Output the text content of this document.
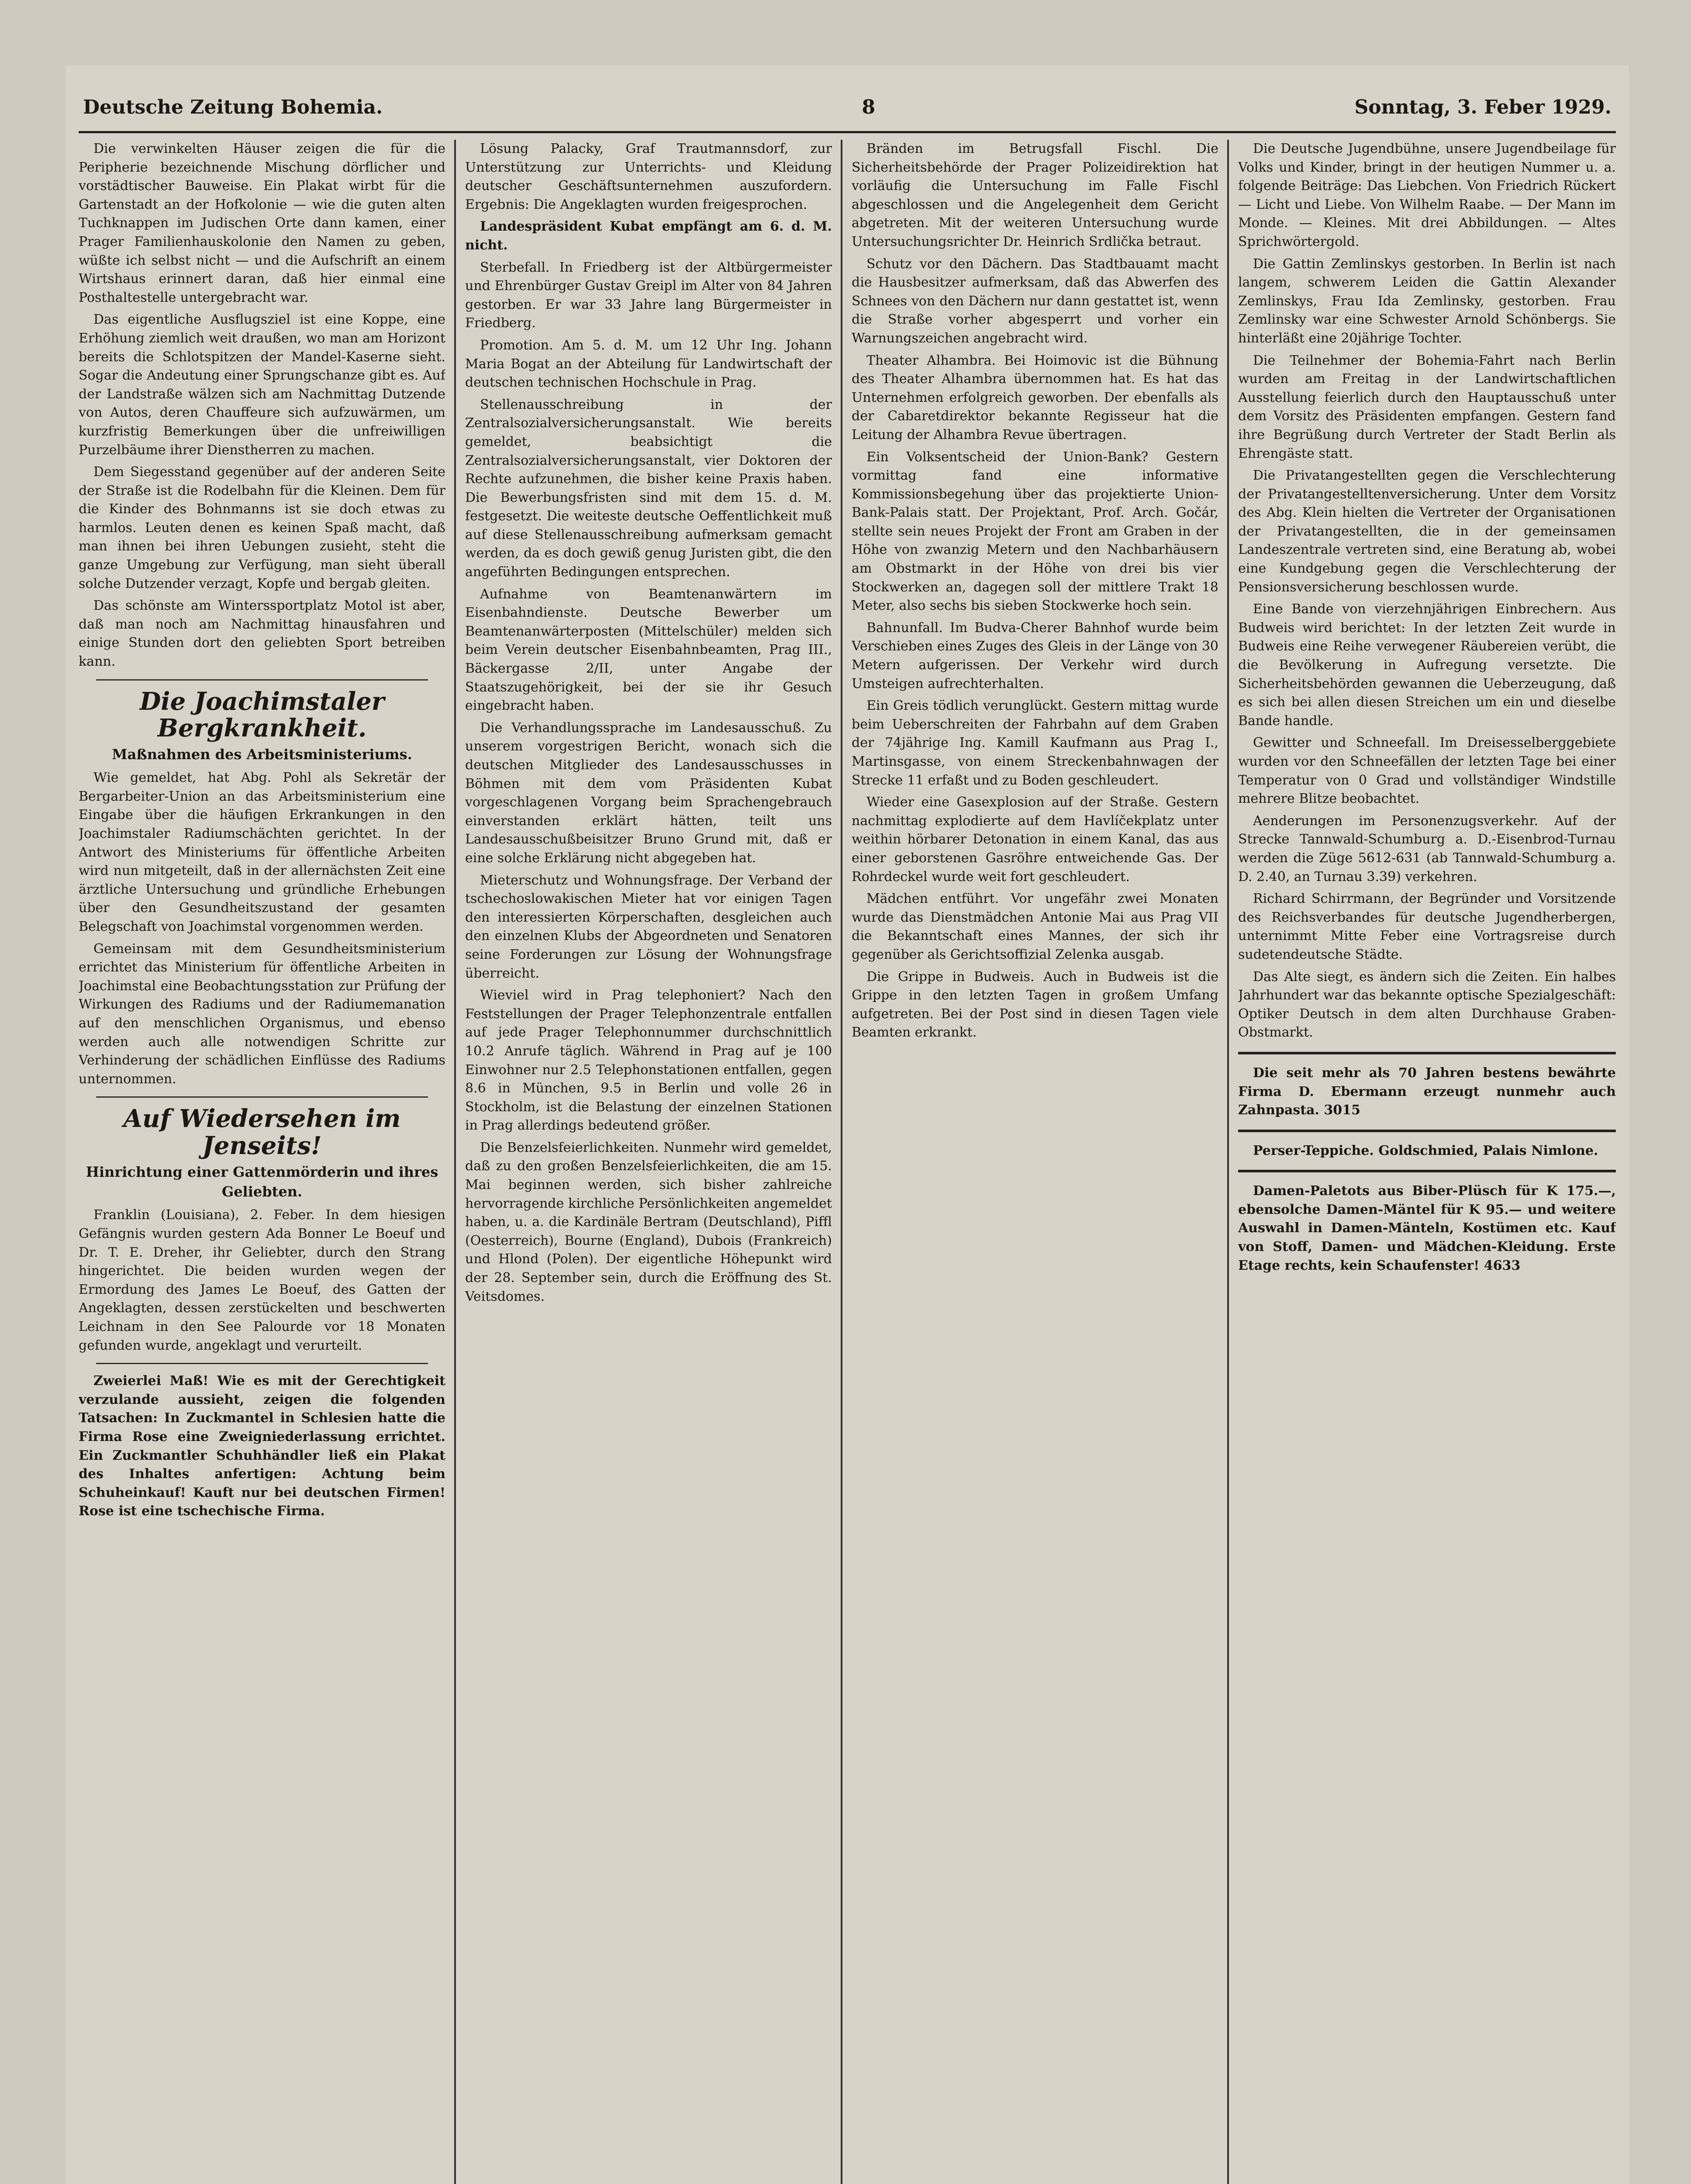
Deutsche Zeitung Bohemia.	8	Sonntag, 3. Feber 1929.

Die verwinkelten Häuser zeigen die für die Peripherie bezeichnende Mischung dörflicher und vorstädtischer Bauweise. Ein Plakat wirbt für die Gartenstadt an der Hofkolonie — wie die guten alten Tuchknappen im Judischen Orte dann kamen, einer Prager Familienhauskolonie den Namen zu geben, wüßte ich selbst nicht — und die Aufschrift an einem Wirtshaus erinnert daran, daß hier einmal eine Posthaltestelle untergebracht war.

Das eigentliche Ausflugsziel ist eine Koppe, eine Erhöhung ziemlich weit draußen, wo man am Horizont bereits die Schlotspitzen der Mandel-Kaserne sieht. Sogar die Andeutung einer Sprungschanze gibt es. Auf der Landstraße wälzen sich am Nachmittag Dutzende von Autos, deren Chauffeure sich aufzuwärmen, um kurzfristig Bemerkungen über die unfreiwilligen Purzelbäume ihrer Dienstherren zu machen.

Dem Siegesstand gegenüber auf der anderen Seite der Straße ist die Rodelbahn für die Kleinen. Dem für die Kinder des Bohnmanns ist sie doch etwas zu harmlos. Leuten denen es keinen Spaß macht, daß man ihnen bei ihren Uebungen zusieht, steht die ganze Umgebung zur Verfügung, man sieht überall solche Dutzender verzagt, Kopfe und bergab gleiten.

Das schönste am Winterssportplatz Motol ist aber, daß man noch am Nachmittag hinausfahren und einige Stunden dort den geliebten Sport betreiben kann.

Die Joachimstaler Bergkrankheit.
Maßnahmen des Arbeitsministeriums.

Wie gemeldet, hat Abg. Pohl als Sekretär der Bergarbeiter-Union an das Arbeitsministerium eine Eingabe über die häufigen Erkrankungen in den Joachimstaler Radiumschächten gerichtet. In der Antwort des Ministeriums für öffentliche Arbeiten wird nun mitgeteilt, daß in der allernächsten Zeit eine ärztliche Untersuchung und gründliche Erhebungen über den Gesundheitszustand der gesamten Belegschaft von Joachimstal vorgenommen werden.

Gemeinsam mit dem Gesundheitsministerium errichtet das Ministerium für öffentliche Arbeiten in Joachimstal eine Beobachtungsstation zur Prüfung der Wirkungen des Radiums und der Radiumemanation auf den menschlichen Organismus, und ebenso werden auch alle notwendigen Schritte zur Verhinderung der schädlichen Einflüsse des Radiums unternommen.

Auf Wiedersehen im Jenseits!
Hinrichtung einer Gattenmörderin und ihres Geliebten.

Franklin (Louisiana), 2. Feber. In dem hiesigen Gefängnis wurden gestern Ada Bonner Le Boeuf und Dr. T. E. Dreher, ihr Geliebter, durch den Strang hingerichtet. Die beiden wurden wegen der Ermordung des James Le Boeuf, des Gatten der Angeklagten, dessen zerstückelten und beschwerten Leichnam in den See Palourde vor 18 Monaten gefunden wurde, angeklagt und verurteilt.

Zweierlei Maß! Wie es mit der Gerechtigkeit verzulande aussieht, zeigen die folgenden Tatsachen: In Zuckmantel in Schlesien hatte die Firma Rose eine Zweigniederlassung errichtet. Ein Zuckmantler Schuhhändler ließ ein Plakat des Inhaltes anfertigen: Achtung beim Schuheinkauf! Kauft nur bei deutschen Firmen! Rose ist eine tschechische Firma.

Lösung Palacky, Graf Trautmannsdorf, zur Unterstützung zur Unterrichts- und Kleidung deutscher Geschäftsunternehmen auszufordern. Ergebnis: Die Angeklagten wurden freigesprochen.

Landespräsident Kubat empfängt am 6. d. M. nicht.

Sterbefall. In Friedberg ist der Altbürgermeister und Ehrenbürger Gustav Greipl im Alter von 84 Jahren gestorben. Er war 33 Jahre lang Bürgermeister in Friedberg.

Promotion. Am 5. d. M. um 12 Uhr Ing. Johann Maria Bogat an der Abteilung für Landwirtschaft der deutschen technischen Hochschule in Prag.

Stellenausschreibung in der Zentralsozialversicherungsanstalt. Wie bereits gemeldet, beabsichtigt die Zentralsozialversicherungsanstalt, vier Doktoren der Rechte aufzunehmen, die bisher keine Praxis haben. Die Bewerbungsfristen sind mit dem 15. d. M. festgesetzt. Die weiteste deutsche Oeffentlichkeit muß auf diese Stellenausschreibung aufmerksam gemacht werden, da es doch gewiß genug Juristen gibt, die den angeführten Bedingungen entsprechen.

Aufnahme von Beamtenanwärtern im Eisenbahndienste. Deutsche Bewerber um Beamtenanwärterposten (Mittelschüler) melden sich beim Verein deutscher Eisenbahnbeamten, Prag III., Bäckergasse 2/II, unter Angabe der Staatszugehörigkeit, bei der sie ihr Gesuch eingebracht haben.

Die Verhandlungssprache im Landesausschuß. Zu unserem vorgestrigen Bericht, wonach sich die deutschen Mitglieder des Landesausschusses in Böhmen mit dem vom Präsidenten Kubat vorgeschlagenen Vorgang beim Sprachengebrauch einverstanden erklärt hätten, teilt uns Landesausschußbeisitzer Bruno Grund mit, daß er eine solche Erklärung nicht abgegeben hat.

Mieterschutz und Wohnungsfrage. Der Verband der tschechoslowakischen Mieter hat vor einigen Tagen den interessierten Körperschaften, desgleichen auch den einzelnen Klubs der Abgeordneten und Senatoren seine Forderungen zur Lösung der Wohnungsfrage überreicht.

Wieviel wird in Prag telephoniert? Nach den Feststellungen der Prager Telephonzentrale entfallen auf jede Prager Telephonnummer durchschnittlich 10.2 Anrufe täglich. Während in Prag auf je 100 Einwohner nur 2.5 Telephonstationen entfallen, gegen 8.6 in München, 9.5 in Berlin und volle 26 in Stockholm, ist die Belastung der einzelnen Stationen in Prag allerdings bedeutend größer.

Die Benzelsfeierlichkeiten. Nunmehr wird gemeldet, daß zu den großen Benzelsfeierlichkeiten, die am 15. Mai beginnen werden, sich bisher zahlreiche hervorragende kirchliche Persönlichkeiten angemeldet haben, u. a. die Kardinäle Bertram (Deutschland), Piffl (Oesterreich), Bourne (England), Dubois (Frankreich) und Hlond (Polen). Der eigentliche Höhepunkt wird der 28. September sein, durch die Eröffnung des St. Veitsdomes.

Bränden im Betrugsfall Fischl. Die Sicherheitsbehörde der Prager Polizeidirektion hat vorläufig die Untersuchung im Falle Fischl abgeschlossen und die Angelegenheit dem Gericht abgetreten. Mit der weiteren Untersuchung wurde Untersuchungsrichter Dr. Heinrich Srdlička betraut.

Schutz vor den Dächern. Das Stadtbauamt macht die Hausbesitzer aufmerksam, daß das Abwerfen des Schnees von den Dächern nur dann gestattet ist, wenn die Straße vorher abgesperrt und vorher ein Warnungszeichen angebracht wird.

Theater Alhambra. Bei Hoimovic ist die Bühnung des Theater Alhambra übernommen hat. Es hat das Unternehmen erfolgreich geworben. Der ebenfalls als der Cabaretdirektor bekannte Regisseur hat die Leitung der Alhambra Revue übertragen.

Ein Volksentscheid der Union-Bank? Gestern vormittag fand eine informative Kommissionsbegehung über das projektierte Union-Bank-Palais statt. Der Projektant, Prof. Arch. Gočár, stellte sein neues Projekt der Front am Graben in der Höhe von zwanzig Metern und den Nachbarhäusern am Obstmarkt in der Höhe von drei bis vier Stockwerken an, dagegen soll der mittlere Trakt 18 Meter, also sechs bis sieben Stockwerke hoch sein.

Bahnunfall. Im Budva-Cherer Bahnhof wurde beim Verschieben eines Zuges des Gleis in der Länge von 30 Metern aufgerissen. Der Verkehr wird durch Umsteigen aufrechterhalten.

Ein Greis tödlich verunglückt. Gestern mittag wurde beim Ueberschreiten der Fahrbahn auf dem Graben der 74jährige Ing. Kamill Kaufmann aus Prag I., Martinsgasse, von einem Streckenbahnwagen der Strecke 11 erfaßt und zu Boden geschleudert.

Wieder eine Gasexplosion auf der Straße. Gestern nachmittag explodierte auf dem Havlíčekplatz unter weithin hörbarer Detonation in einem Kanal, das aus einer geborstenen Gasröhre entweichende Gas. Der Rohrdeckel wurde weit fort geschleudert.

Mädchen entführt. Vor ungefähr zwei Monaten wurde das Dienstmädchen Antonie Mai aus Prag VII die Bekanntschaft eines Mannes, der sich ihr gegenüber als Gerichtsoffizial Zelenka ausgab.

Die Grippe in Budweis. Auch in Budweis ist die Grippe in den letzten Tagen in großem Umfang aufgetreten. Bei der Post sind in diesen Tagen viele Beamten erkrankt.

Die Deutsche Jugendbühne, unsere Jugendbeilage für Volks und Kinder, bringt in der heutigen Nummer u. a. folgende Beiträge: Das Liebchen. Von Friedrich Rückert — Licht und Liebe. Von Wilhelm Raabe. — Der Mann im Monde. — Kleines. Mit drei Abbildungen. — Altes Sprichwörtergold.

Die Gattin Zemlinskys gestorben. In Berlin ist nach langem, schwerem Leiden die Gattin Alexander Zemlinskys, Frau Ida Zemlinsky, gestorben. Frau Zemlinsky war eine Schwester Arnold Schönbergs. Sie hinterläßt eine 20jährige Tochter.

Die Teilnehmer der Bohemia-Fahrt nach Berlin wurden am Freitag in der Landwirtschaftlichen Ausstellung feierlich durch den Hauptausschuß unter dem Vorsitz des Präsidenten empfangen. Gestern fand ihre Begrüßung durch Vertreter der Stadt Berlin als Ehrengäste statt.

Die Privatangestellten gegen die Verschlechterung der Privatangestelltenversicherung. Unter dem Vorsitz des Abg. Klein hielten die Vertreter der Organisationen der Privatangestellten, die in der gemeinsamen Landeszentrale vertreten sind, eine Beratung ab, wobei eine Kundgebung gegen die Verschlechterung der Pensionsversicherung beschlossen wurde.

Eine Bande von vierzehnjährigen Einbrechern. Aus Budweis wird berichtet: In der letzten Zeit wurde in Budweis eine Reihe verwegener Räubereien verübt, die die Bevölkerung in Aufregung versetzte. Die Sicherheitsbehörden gewannen die Ueberzeugung, daß es sich bei allen diesen Streichen um ein und dieselbe Bande handle.

Gewitter und Schneefall. Im Dreisesselberggebiete wurden vor den Schneefällen der letzten Tage bei einer Temperatur von 0 Grad und vollständiger Windstille mehrere Blitze beobachtet.

Aenderungen im Personenzugsverkehr. Auf der Strecke Tannwald-Schumburg a. D.-Eisenbrod-Turnau werden die Züge 5612-631 (ab Tannwald-Schumburg a. D. 2.40, an Turnau 3.39) verkehren.

Richard Schirrmann, der Begründer und Vorsitzende des Reichsverbandes für deutsche Jugendherbergen, unternimmt Mitte Feber eine Vortragsreise durch sudetendeutsche Städte.

Das Alte siegt, es ändern sich die Zeiten. Ein halbes Jahrhundert war das bekannte optische Spezialgeschäft: Optiker Deutsch in dem alten Durchhause Graben-Obstmarkt.

Die seit mehr als 70 Jahren bestens bewährte Firma D. Ebermann erzeugt nunmehr auch Zahnpasta. 3015

Perser-Teppiche. Goldschmied, Palais Nimlone.

Damen-Paletots aus Biber-Plüsch für K 175.—, ebensolche Damen-Mäntel für K 95.— und weitere Auswahl in Damen-Mänteln, Kostümen etc. Kauf von Stoff, Damen- und Mädchen-Kleidung. Erste Etage rechts, kein Schaufenster! 4633
